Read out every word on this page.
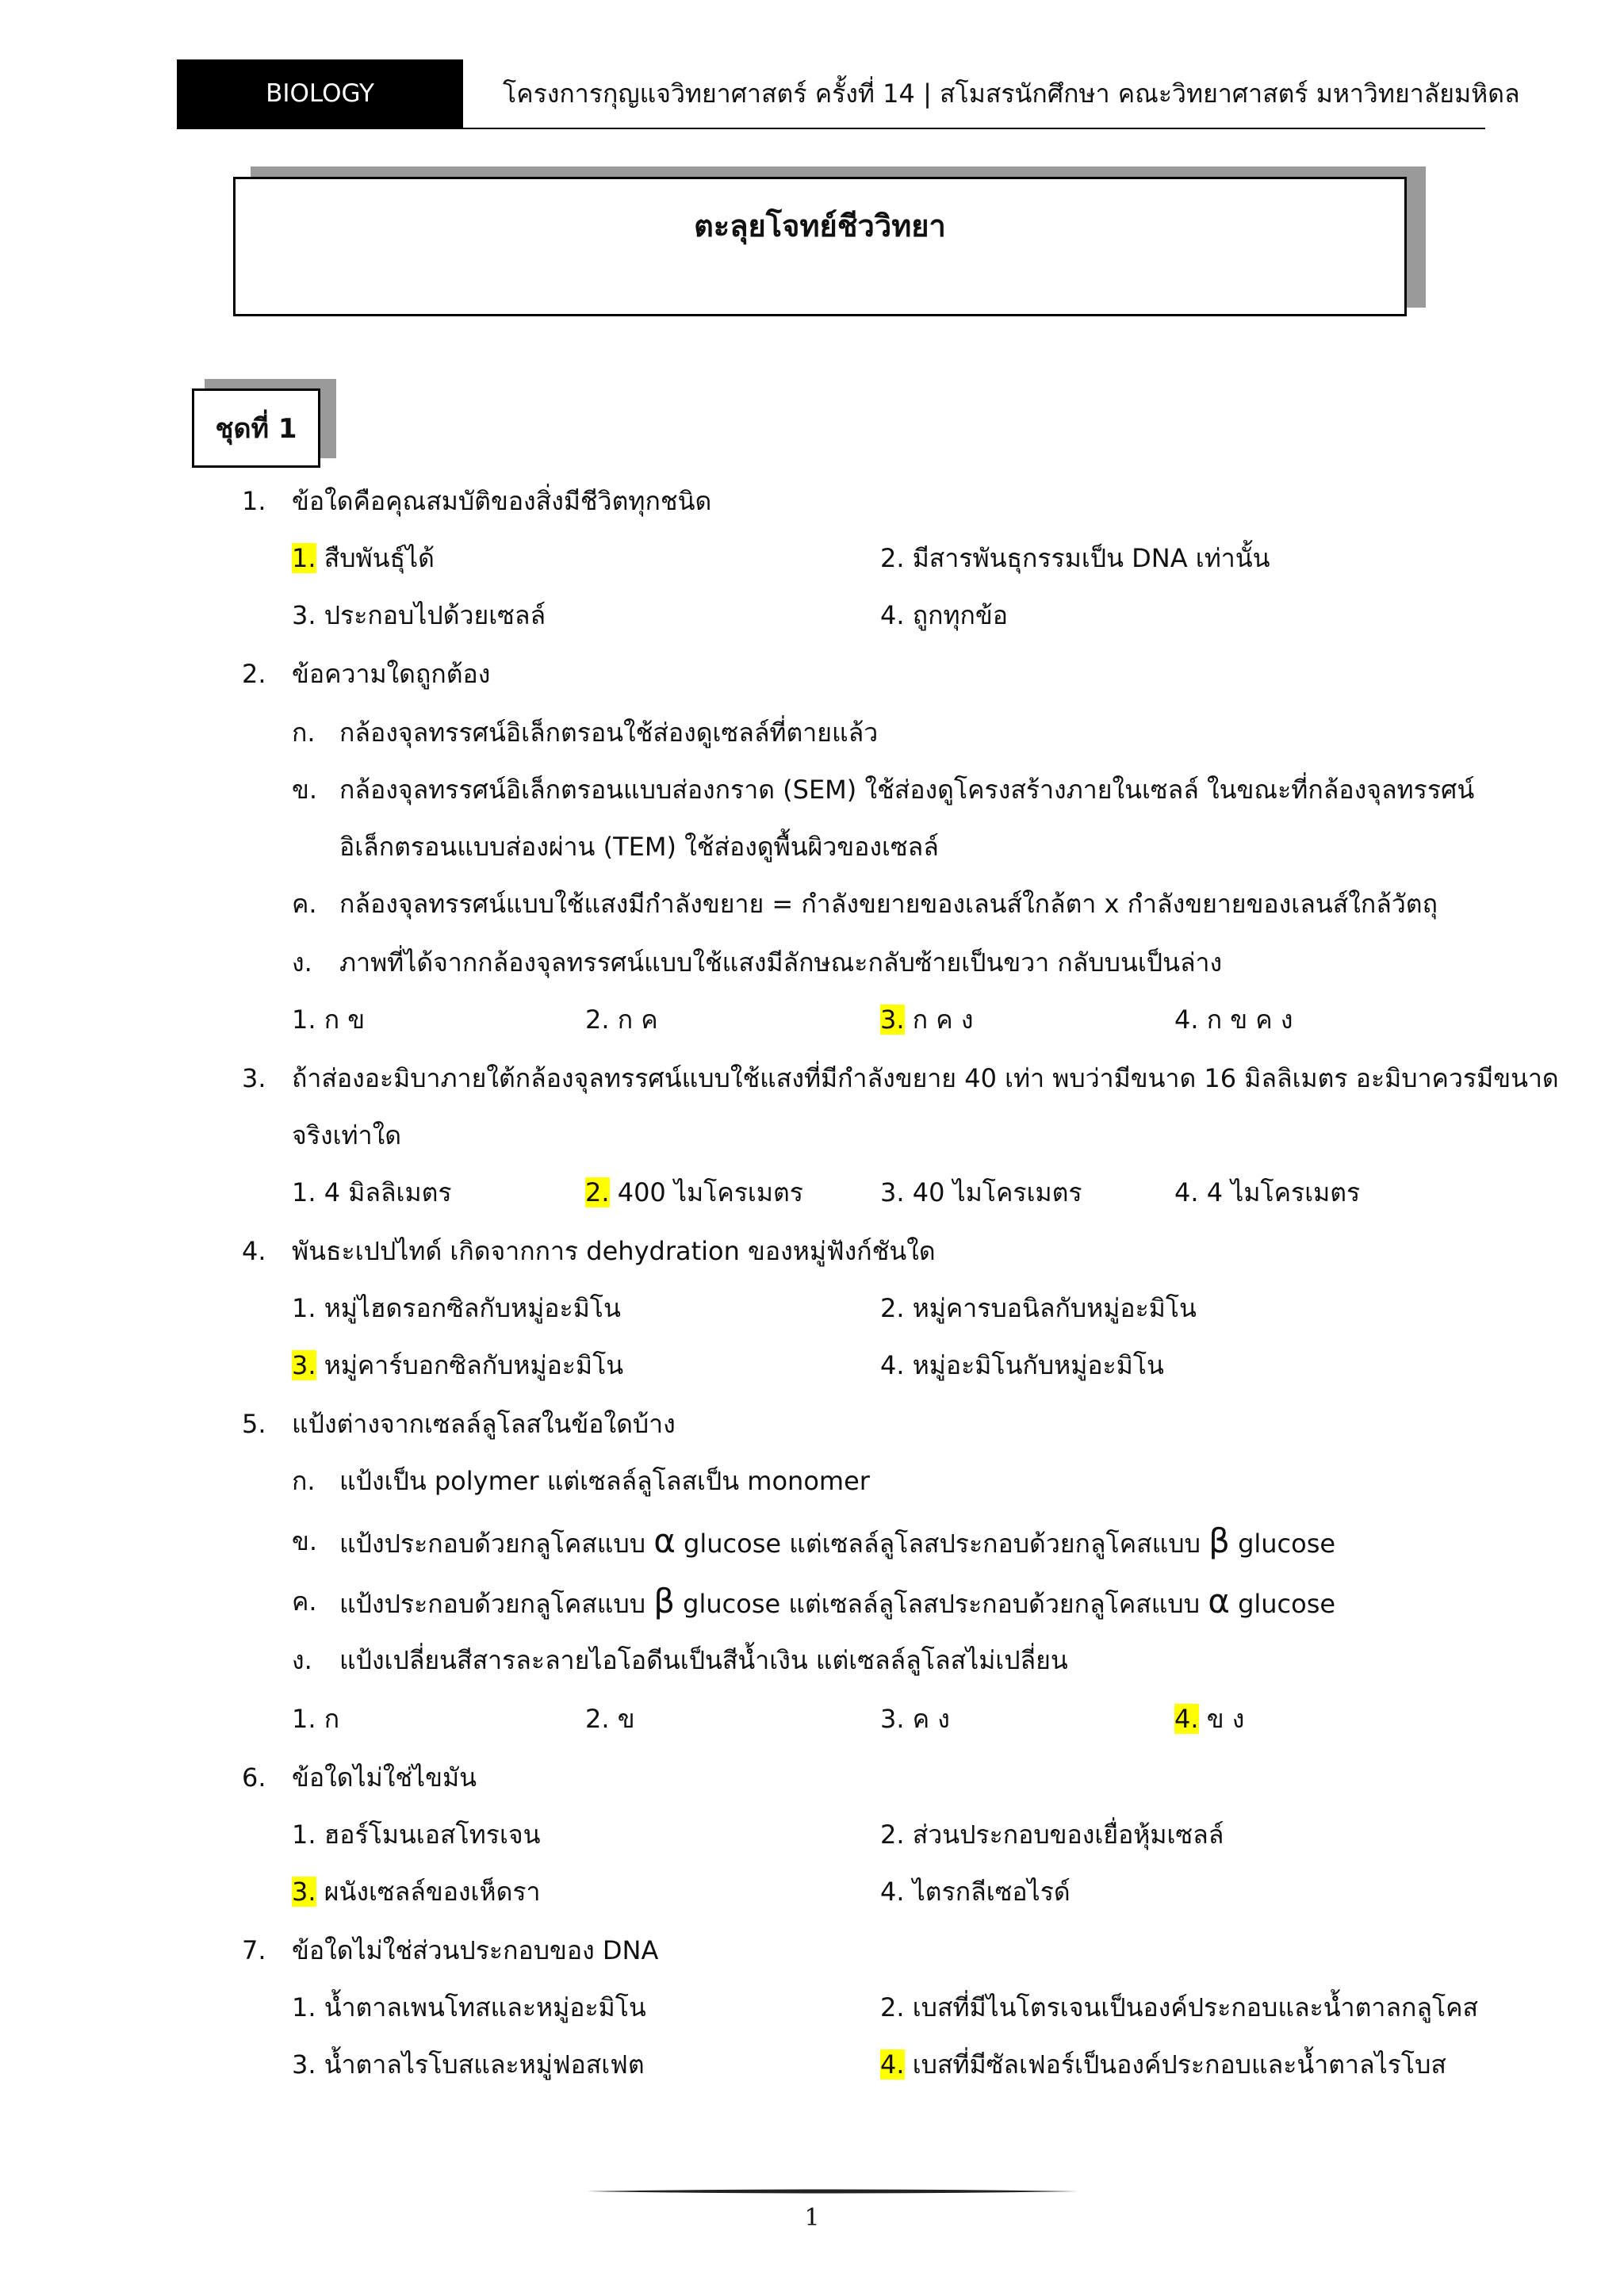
BIOLOGY	โครงการกุญแจวิทยาศาสตร์ ครั้งที่ 14 | สโมสรนักศึกษา คณะวิทยาศาสตร์ มหาวิทยาลัยมหิดล
ตะลุยโจทย์ชีววิทยา
ชุดที่ 1
1. ข้อใดคือคุณสมบัติของสิ่งมีชีวิตทุกชนิด
1. สืบพันธุ์ได้	2. มีสารพันธุกรรมเป็น DNA เท่านั้น
3. ประกอบไปด้วยเซลล์	4. ถูกทุกข้อ
2. ข้อความใดถูกต้อง
ก. กล้องจุลทรรศน์อิเล็กตรอนใช้ส่องดูเซลล์ที่ตายแล้ว
ข. กล้องจุลทรรศน์อิเล็กตรอนแบบส่องกราด (SEM) ใช้ส่องดูโครงสร้างภายในเซลล์ ในขณะที่กล้องจุลทรรศน์
อิเล็กตรอนแบบส่องผ่าน (TEM) ใช้ส่องดูพื้นผิวของเซลล์
ค. กล้องจุลทรรศน์แบบใช้แสงมีกำลังขยาย = กำลังขยายของเลนส์ใกล้ตา x กำลังขยายของเลนส์ใกล้วัตถุ
ง. ภาพที่ได้จากกล้องจุลทรรศน์แบบใช้แสงมีลักษณะกลับซ้ายเป็นขวา กลับบนเป็นล่าง
1. ก ข	2. ก ค	3. ก ค ง	4. ก ข ค ง
3. ถ้าส่องอะมิบาภายใต้กล้องจุลทรรศน์แบบใช้แสงที่มีกำลังขยาย 40 เท่า พบว่ามีขนาด 16 มิลลิเมตร อะมิบาควรมีขนาด
จริงเท่าใด
1. 4 มิลลิเมตร	2. 400 ไมโครเมตร	3. 40 ไมโครเมตร	4. 4 ไมโครเมตร
4. พันธะเปปไทด์ เกิดจากการ dehydration ของหมู่ฟังก์ชันใด
1. หมู่ไฮดรอกซิลกับหมู่อะมิโน	2. หมู่คารบอนิลกับหมู่อะมิโน
3. หมู่คาร์บอกซิลกับหมู่อะมิโน	4. หมู่อะมิโนกับหมู่อะมิโน
5. แป้งต่างจากเซลล์ลูโลสในข้อใดบ้าง
ก. แป้งเป็น polymer แต่เซลล์ลูโลสเป็น monomer
ข. แป้งประกอบด้วยกลูโคสแบบ α glucose แต่เซลล์ลูโลสประกอบด้วยกลูโคสแบบ β glucose
ค. แป้งประกอบด้วยกลูโคสแบบ β glucose แต่เซลล์ลูโลสประกอบด้วยกลูโคสแบบ α glucose
ง. แป้งเปลี่ยนสีสารละลายไอโอดีนเป็นสีน้ำเงิน แต่เซลล์ลูโลสไม่เปลี่ยน
1. ก	2. ข	3. ค ง	4. ข ง
6. ข้อใดไม่ใช่ไขมัน
1. ฮอร์โมนเอสโทรเจน	2. ส่วนประกอบของเยื่อหุ้มเซลล์
3. ผนังเซลล์ของเห็ดรา	4. ไตรกลีเซอไรด์
7. ข้อใดไม่ใช่ส่วนประกอบของ DNA
1. น้ำตาลเพนโทสและหมู่อะมิโน	2. เบสที่มีไนโตรเจนเป็นองค์ประกอบและน้ำตาลกลูโคส
3. น้ำตาลไรโบสและหมู่ฟอสเฟต	4. เบสที่มีซัลเฟอร์เป็นองค์ประกอบและน้ำตาลไรโบส
1
